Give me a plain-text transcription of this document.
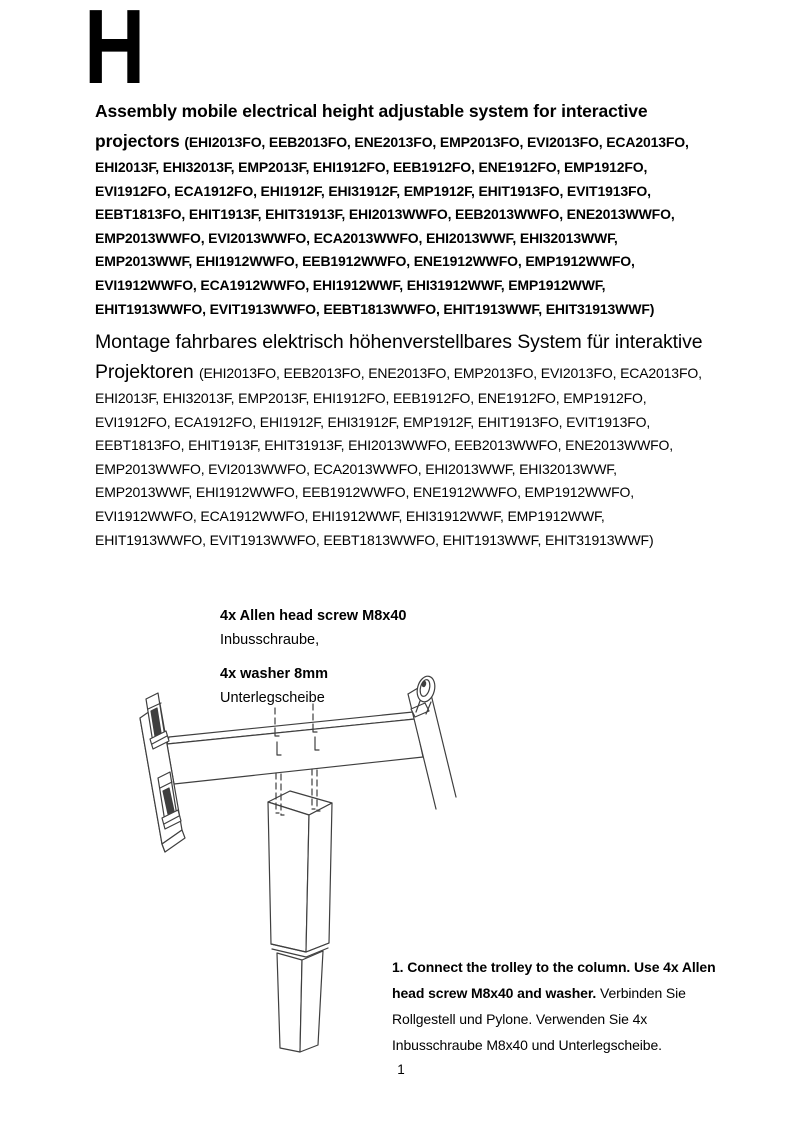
H

Assembly mobile electrical height adjustable system for interactive projectors (EHI2013FO, EEB2013FO, ENE2013FO, EMP2013FO, EVI2013FO, ECA2013FO, EHI2013F, EHI32013F, EMP2013F, EHI1912FO, EEB1912FO, ENE1912FO, EMP1912FO, EVI1912FO, ECA1912FO, EHI1912F, EHI31912F, EMP1912F, EHIT1913FO, EVIT1913FO, EEBT1813FO, EHIT1913F, EHIT31913F, EHI2013WWFO, EEB2013WWFO, ENE2013WWFO, EMP2013WWFO, EVI2013WWFO, ECA2013WWFO, EHI2013WWF, EHI32013WWF, EMP2013WWF, EHI1912WWFO, EEB1912WWFO, ENE1912WWFO, EMP1912WWFO, EVI1912WWFO, ECA1912WWFO, EHI1912WWF, EHI31912WWF, EMP1912WWF, EHIT1913WWFO, EVIT1913WWFO, EEBT1813WWFO, EHIT1913WWF, EHIT31913WWF)

Montage fahrbares elektrisch höhenverstellbares System für interaktive Projektoren (EHI2013FO, EEB2013FO, ENE2013FO, EMP2013FO, EVI2013FO, ECA2013FO, EHI2013F, EHI32013F, EMP2013F, EHI1912FO, EEB1912FO, ENE1912FO, EMP1912FO, EVI1912FO, ECA1912FO, EHI1912F, EHI31912F, EMP1912F, EHIT1913FO, EVIT1913FO, EEBT1813FO, EHIT1913F, EHIT31913F, EHI2013WWFO, EEB2013WWFO, ENE2013WWFO, EMP2013WWFO, EVI2013WWFO, ECA2013WWFO, EHI2013WWF, EHI32013WWF, EMP2013WWF, EHI1912WWFO, EEB1912WWFO, ENE1912WWFO, EMP1912WWFO, EVI1912WWFO, ECA1912WWFO, EHI1912WWF, EHI31912WWF, EMP1912WWF, EHIT1913WWFO, EVIT1913WWFO, EEBT1813WWFO, EHIT1913WWF, EHIT31913WWF)

4x Allen head screw M8x40
Inbusschraube,
4x washer 8mm
Unterlegscheibe

1. Connect the trolley to the column. Use 4x Allen head screw M8x40 and washer. Verbinden Sie Rollgestell und Pylone. Verwenden Sie 4x Inbusschraube M8x40 und Unterlegscheibe.

1
